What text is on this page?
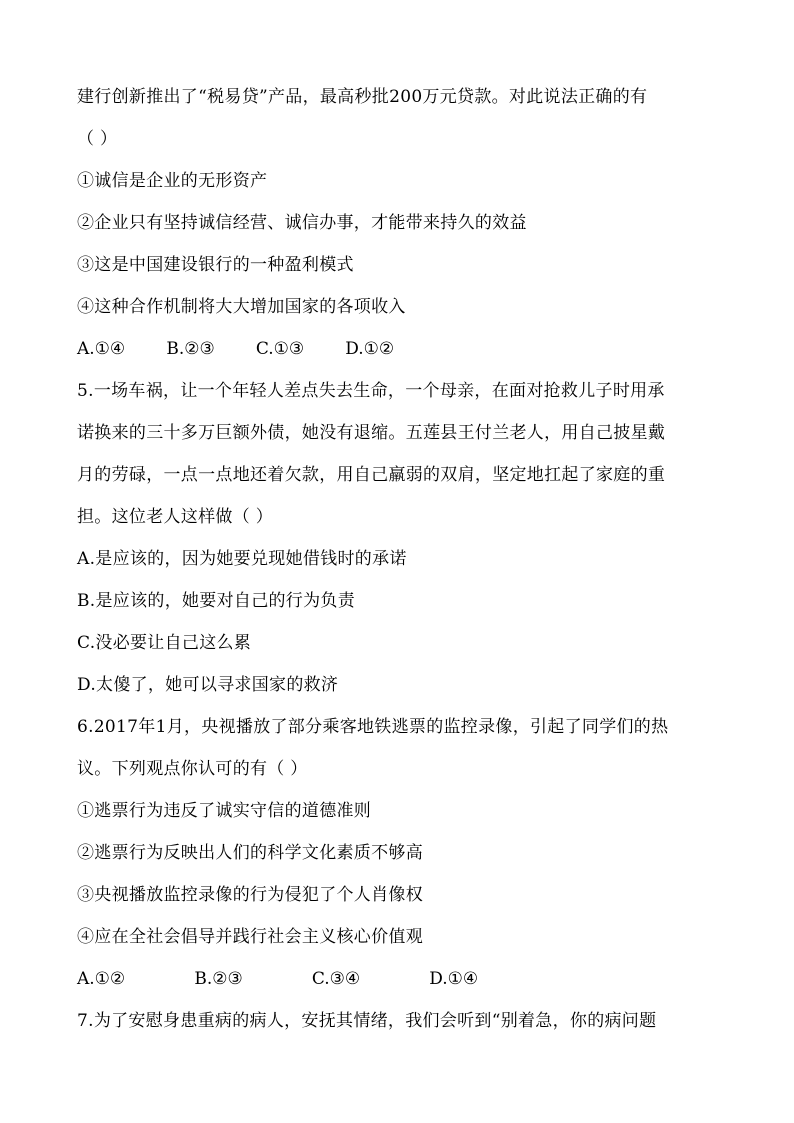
建行创新推出了“税易贷”产品，最高秒批200万元贷款。对此说法正确的有
（ ）
①诚信是企业的无形资产
②企业只有坚持诚信经营、诚信办事，才能带来持久的效益
③这是中国建设银行的一种盈利模式
④这种合作机制将大大增加国家的各项收入
A.①④ B.②③ C.①③ D.①②
5.一场车祸，让一个年轻人差点失去生命，一个母亲，在面对抢救儿子时用承
诺换来的三十多万巨额外债，她没有退缩。五莲县王付兰老人，用自己披星戴
月的劳碌，一点一点地还着欠款，用自己羸弱的双肩，坚定地扛起了家庭的重
担。这位老人这样做（ ）
A.是应该的，因为她要兑现她借钱时的承诺
B.是应该的，她要对自己的行为负责
C.没必要让自己这么累
D.太傻了，她可以寻求国家的救济
6.2017年1月，央视播放了部分乘客地铁逃票的监控录像，引起了同学们的热
议。下列观点你认可的有（ ）
①逃票行为违反了诚实守信的道德准则
②逃票行为反映出人们的科学文化素质不够高
③央视播放监控录像的行为侵犯了个人肖像权
④应在全社会倡导并践行社会主义核心价值观
A.①②	B.②③	C.③④	D.①④
7.为了安慰身患重病的病人，安抚其情绪，我们会听到“别着急，你的病问题
